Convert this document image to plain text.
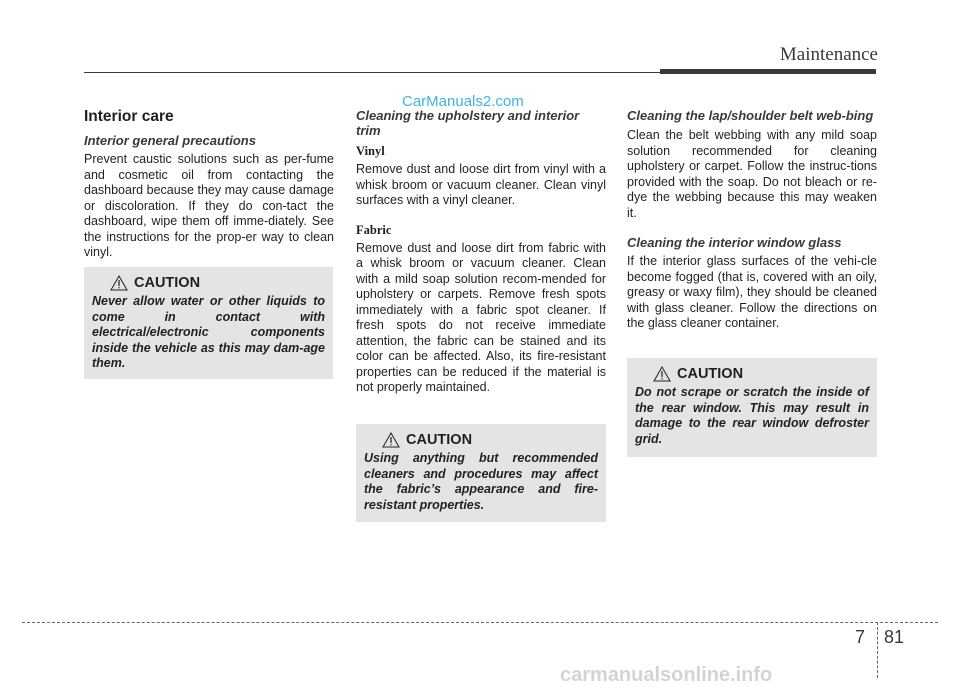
Maintenance
CarManuals2.com
Interior care
Interior general precautions

Prevent caustic solutions such as per-fume and cosmetic oil from contacting the dashboard because they may cause damage or discoloration. If they do con-tact the dashboard, wipe them off imme-diately. See the instructions for the prop-er way to clean vinyl.

CAUTION
Never allow water or other liquids to come in contact with electrical/electronic components inside the vehicle as this may dam-age them.
Cleaning the upholstery and interior trim
Vinyl

Remove dust and loose dirt from vinyl with a whisk broom or vacuum cleaner. Clean vinyl surfaces with a vinyl cleaner.

Fabric

Remove dust and loose dirt from fabric with a whisk broom or vacuum cleaner. Clean with a mild soap solution recom-mended for upholstery or carpets. Remove fresh spots immediately with a fabric spot cleaner. If fresh spots do not receive immediate attention, the fabric can be stained and its color can be affected. Also, its fire-resistant properties can be reduced if the material is not properly maintained.

CAUTION
Using anything but recommended cleaners and procedures may affect the fabric’s appearance and fire-resistant properties.
Cleaning the lap/shoulder belt web-bing

Clean the belt webbing with any mild soap solution recommended for cleaning upholstery or carpet. Follow the instruc-tions provided with the soap. Do not bleach or re-dye the webbing because this may weaken it.

Cleaning the interior window glass

If the interior glass surfaces of the vehi-cle become fogged (that is, covered with an oily, greasy or waxy film), they should be cleaned with glass cleaner. Follow the directions on the glass cleaner container.

CAUTION
Do not scrape or scratch the inside of the rear window. This may result in damage to the rear window defroster grid.
7 81
carmanualsonline.info
